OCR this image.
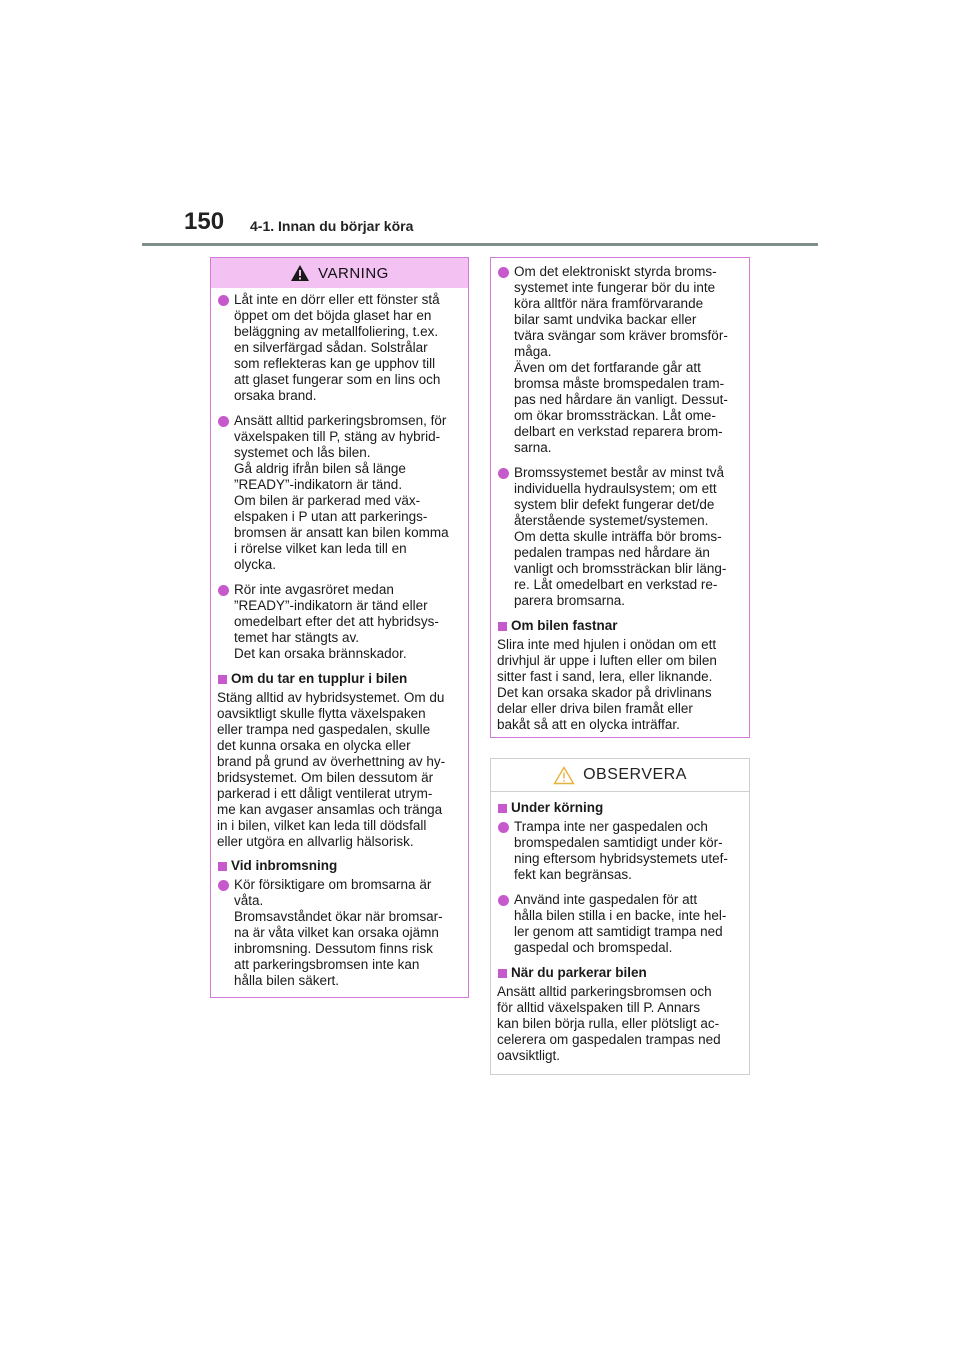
150 4-1. Innan du börjar köra
VARNING
Låt inte en dörr eller ett fönster stå
öppet om det böjda glaset har en
beläggning av metallfoliering, t.ex.
en silverfärgad sådan. Solstrålar
som reflekteras kan ge upphov till
att glaset fungerar som en lins och
orsaka brand.
Ansätt alltid parkeringsbromsen, för
växelspaken till P, stäng av hybrid-
systemet och lås bilen.
Gå aldrig ifrån bilen så länge
”READY”-indikatorn är tänd.
Om bilen är parkerad med väx-
elspaken i P utan att parkerings-
bromsen är ansatt kan bilen komma
i rörelse vilket kan leda till en
olycka.
Rör inte avgasröret medan
”READY”-indikatorn är tänd eller
omedelbart efter det att hybridsys-
temet har stängts av.
Det kan orsaka brännskador.
Om du tar en tupplur i bilen
Stäng alltid av hybridsystemet. Om du
oavsiktligt skulle flytta växelspaken
eller trampa ned gaspedalen, skulle
det kunna orsaka en olycka eller
brand på grund av överhettning av hy-
bridsystemet. Om bilen dessutom är
parkerad i ett dåligt ventilerat utrym-
me kan avgaser ansamlas och tränga
in i bilen, vilket kan leda till dödsfall
eller utgöra en allvarlig hälsorisk.
Vid inbromsning
Kör försiktigare om bromsarna är
våta.
Bromsavståndet ökar när bromsar-
na är våta vilket kan orsaka ojämn
inbromsning. Dessutom finns risk
att parkeringsbromsen inte kan
hålla bilen säkert.
Om det elektroniskt styrda broms-
systemet inte fungerar bör du inte
köra alltför nära framförvarande
bilar samt undvika backar eller
tvära svängar som kräver bromsför-
måga.
Även om det fortfarande går att
bromsa måste bromspedalen tram-
pas ned hårdare än vanligt. Dessut-
om ökar bromssträckan. Låt ome-
delbart en verkstad reparera brom-
sarna.
Bromssystemet består av minst två
individuella hydraulsystem; om ett
system blir defekt fungerar det/de
återstående systemet/systemen.
Om detta skulle inträffa bör broms-
pedalen trampas ned hårdare än
vanligt och bromssträckan blir läng-
re. Låt omedelbart en verkstad re-
parera bromsarna.
Om bilen fastnar
Slira inte med hjulen i onödan om ett
drivhjul är uppe i luften eller om bilen
sitter fast i sand, lera, eller liknande.
Det kan orsaka skador på drivlinans
delar eller driva bilen framåt eller
bakåt så att en olycka inträffar.
OBSERVERA
Under körning
Trampa inte ner gaspedalen och
bromspedalen samtidigt under kör-
ning eftersom hybridsystemets utef-
fekt kan begränsas.
Använd inte gaspedalen för att
hålla bilen stilla i en backe, inte hel-
ler genom att samtidigt trampa ned
gaspedal och bromspedal.
När du parkerar bilen
Ansätt alltid parkeringsbromsen och
för alltid växelspaken till P. Annars
kan bilen börja rulla, eller plötsligt ac-
celerera om gaspedalen trampas ned
oavsiktligt.
